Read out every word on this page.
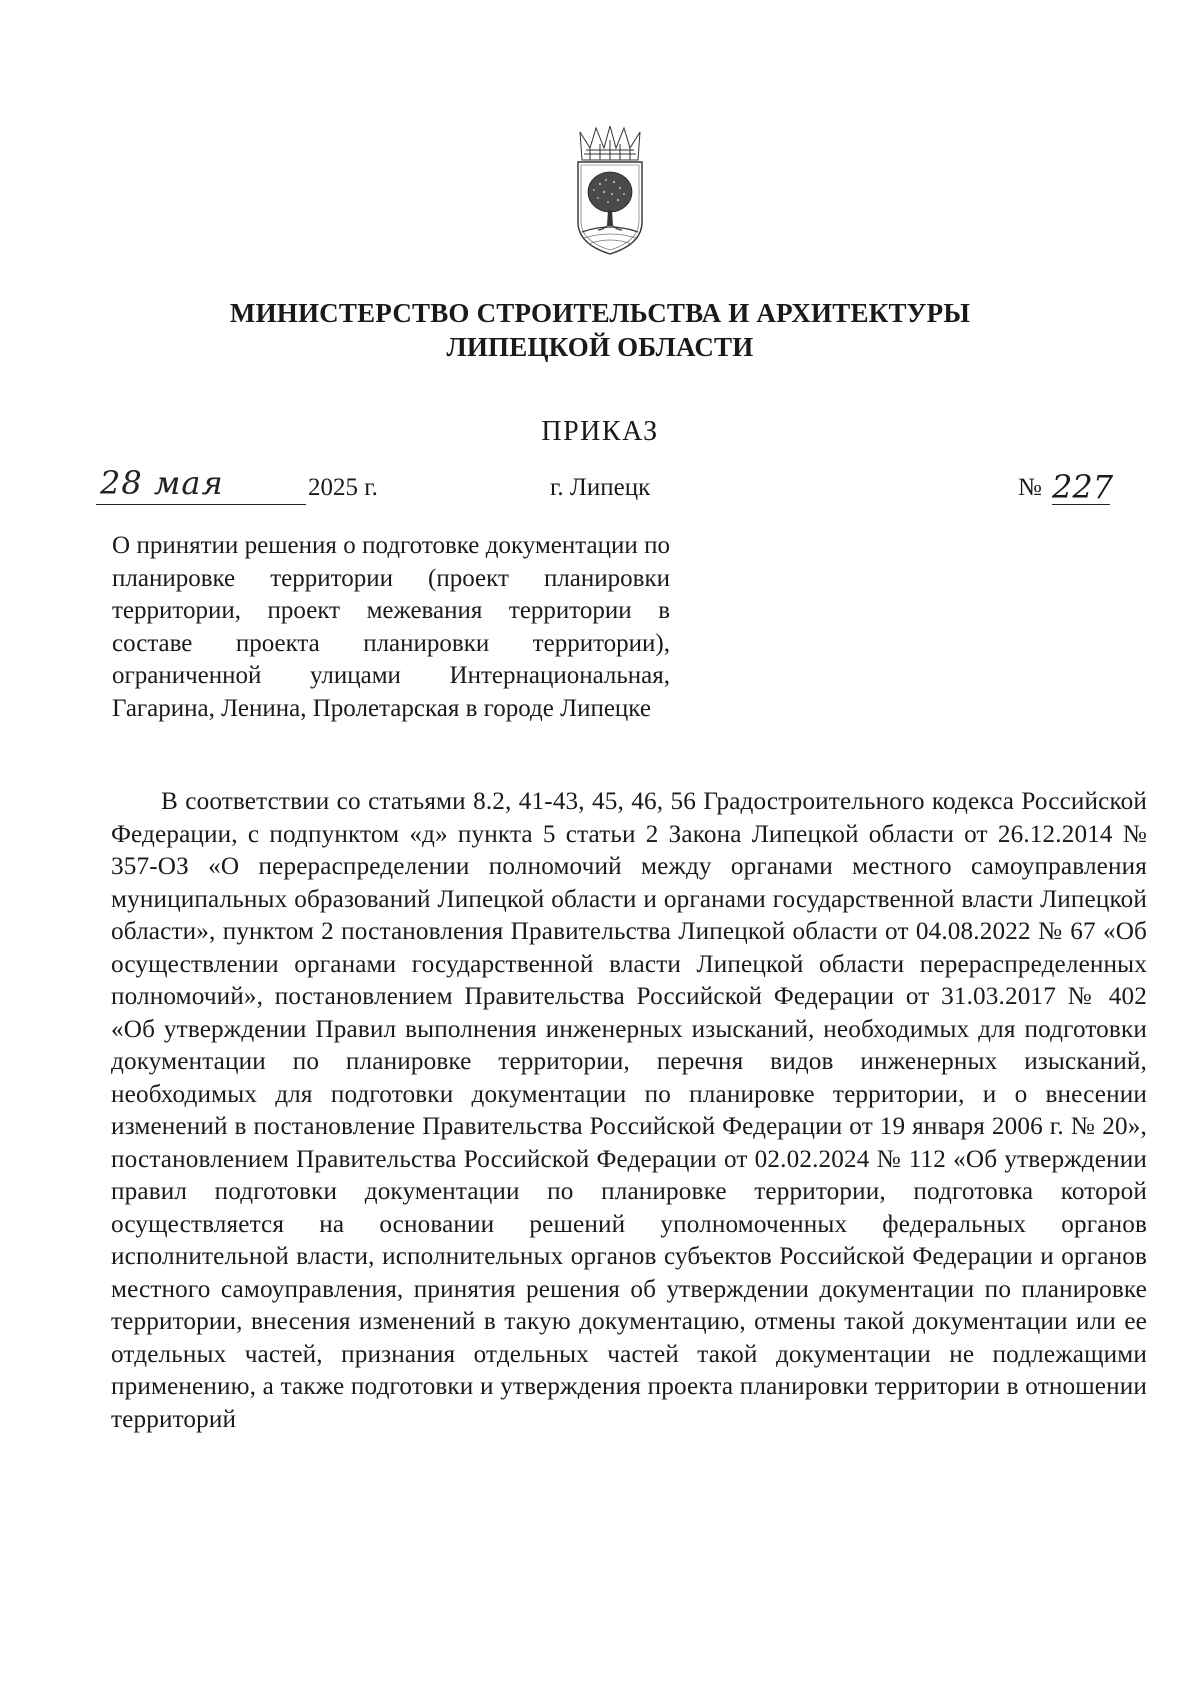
МИНИСТЕРСТВО СТРОИТЕЛЬСТВА И АРХИТЕКТУРЫ
ЛИПЕЦКОЙ ОБЛАСТИ
ПРИКАЗ
28 мая	2025 г.	г. Липецк	№ 227
О принятии решения о подготовке документации по планировке территории (проект планировки территории, проект межевания территории в составе проекта планировки территории), ограниченной улицами Интернациональная, Гагарина, Ленина, Пролетарская в городе Липецке
В соответствии со статьями 8.2, 41-43, 45, 46, 56 Градостроительного кодекса Российской Федерации, с подпунктом «д» пункта 5 статьи 2 Закона Липецкой области от 26.12.2014 № 357-ОЗ «О перераспределении полномочий между органами местного самоуправления муниципальных образований Липецкой области и органами государственной власти Липецкой области», пунктом 2 постановления Правительства Липецкой области от 04.08.2022 № 67 «Об осуществлении органами государственной власти Липецкой области перераспределенных полномочий», постановлением Правительства Российской Федерации от 31.03.2017 № 402 «Об утверждении Правил выполнения инженерных изысканий, необходимых для подготовки документации по планировке территории, перечня видов инженерных изысканий, необходимых для подготовки документации по планировке территории, и о внесении изменений в постановление Правительства Российской Федерации от 19 января 2006 г. № 20», постановлением Правительства Российской Федерации от 02.02.2024 № 112 «Об утверждении правил подготовки документации по планировке территории, подготовка которой осуществляется на основании решений уполномоченных федеральных органов исполнительной власти, исполнительных органов субъектов Российской Федерации и органов местного самоуправления, принятия решения об утверждении документации по планировке территории, внесения изменений в такую документацию, отмены такой документации или ее отдельных частей, признания отдельных частей такой документации не подлежащими применению, а также подготовки и утверждения проекта планировки территории в отношении территорий
